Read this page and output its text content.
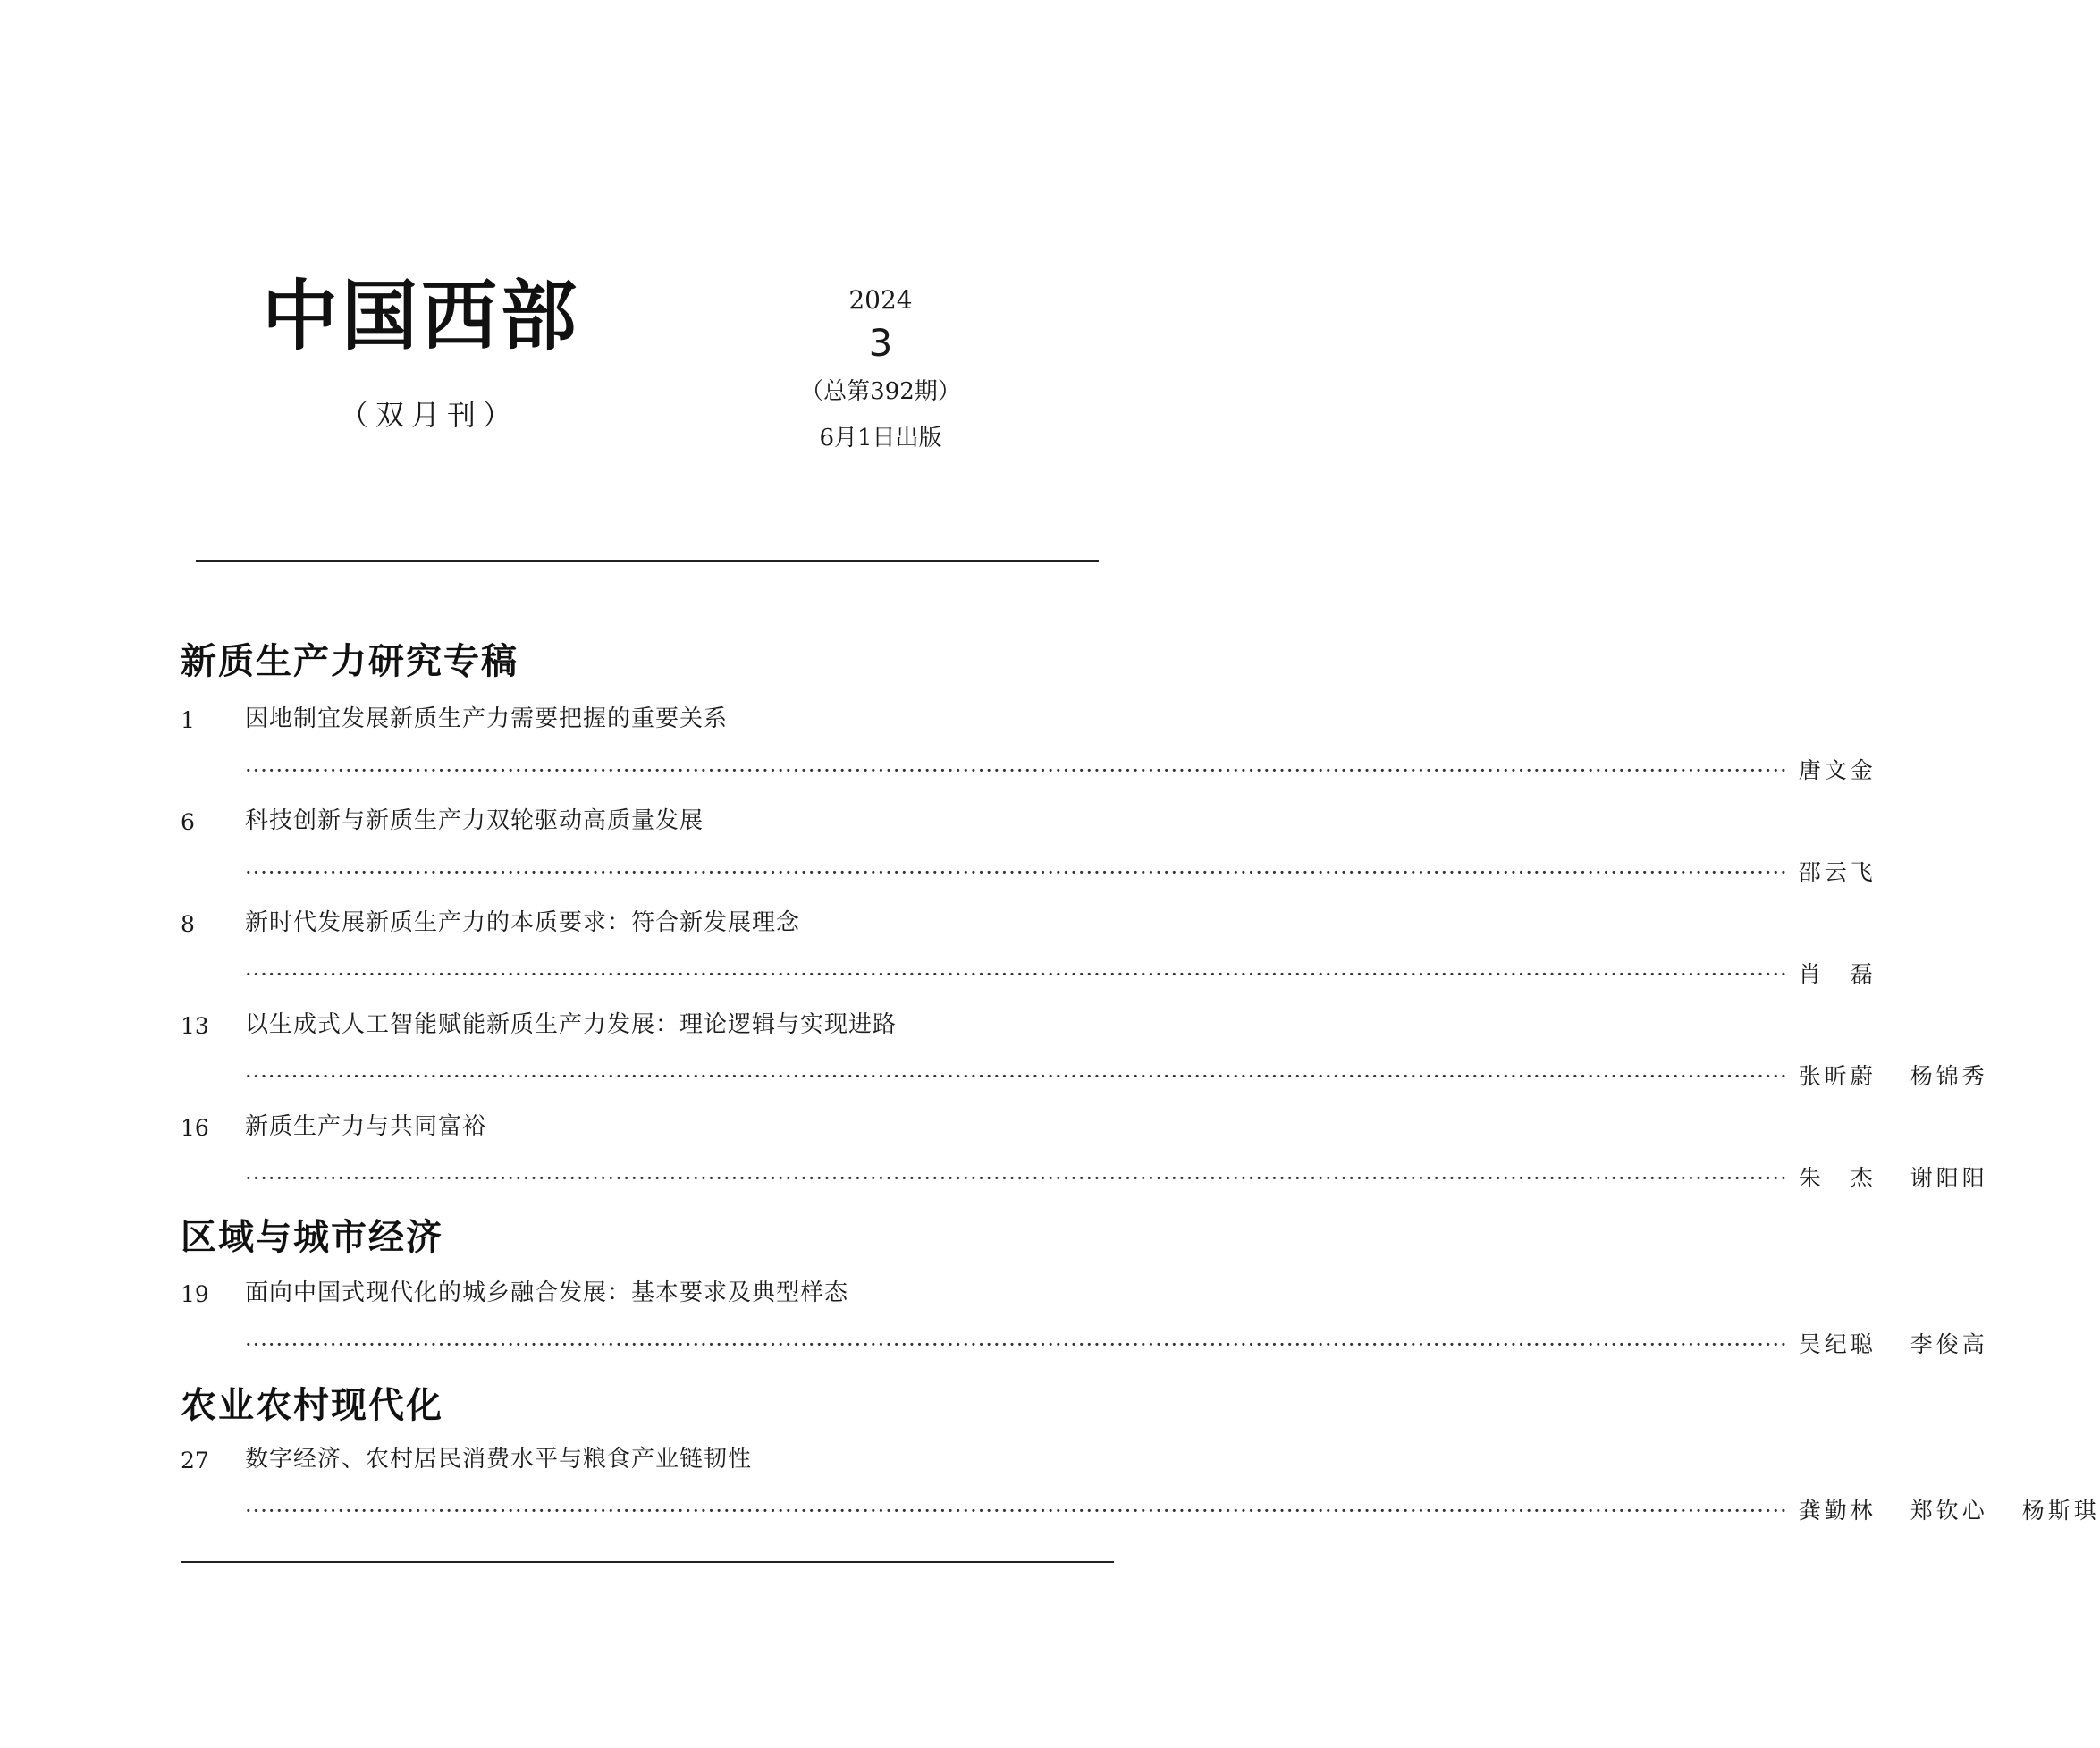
中国西部
（双月刊）
2024
3
（总第392期）
6月1日出版
新质生产力研究专稿
1	因地制宜发展新质生产力需要把握的重要关系
········································································································································································································ 唐文金
6	科技创新与新质生产力双轮驱动高质量发展
········································································································································································································ 邵云飞
8	新时代发展新质生产力的本质要求：符合新发展理念
········································································································································································································ 肖　磊
13	以生成式人工智能赋能新质生产力发展：理论逻辑与实现进路
········································································································································································································ 张昕蔚 杨锦秀
16	新质生产力与共同富裕
········································································································································································································ 朱　杰 谢阳阳
区域与城市经济
19	面向中国式现代化的城乡融合发展：基本要求及典型样态
········································································································································································································ 吴纪聪 李俊高
农业农村现代化
27	数字经济、农村居民消费水平与粮食产业链韧性
········································································································································································································ 龚勤林 郑钦心 杨斯琪
